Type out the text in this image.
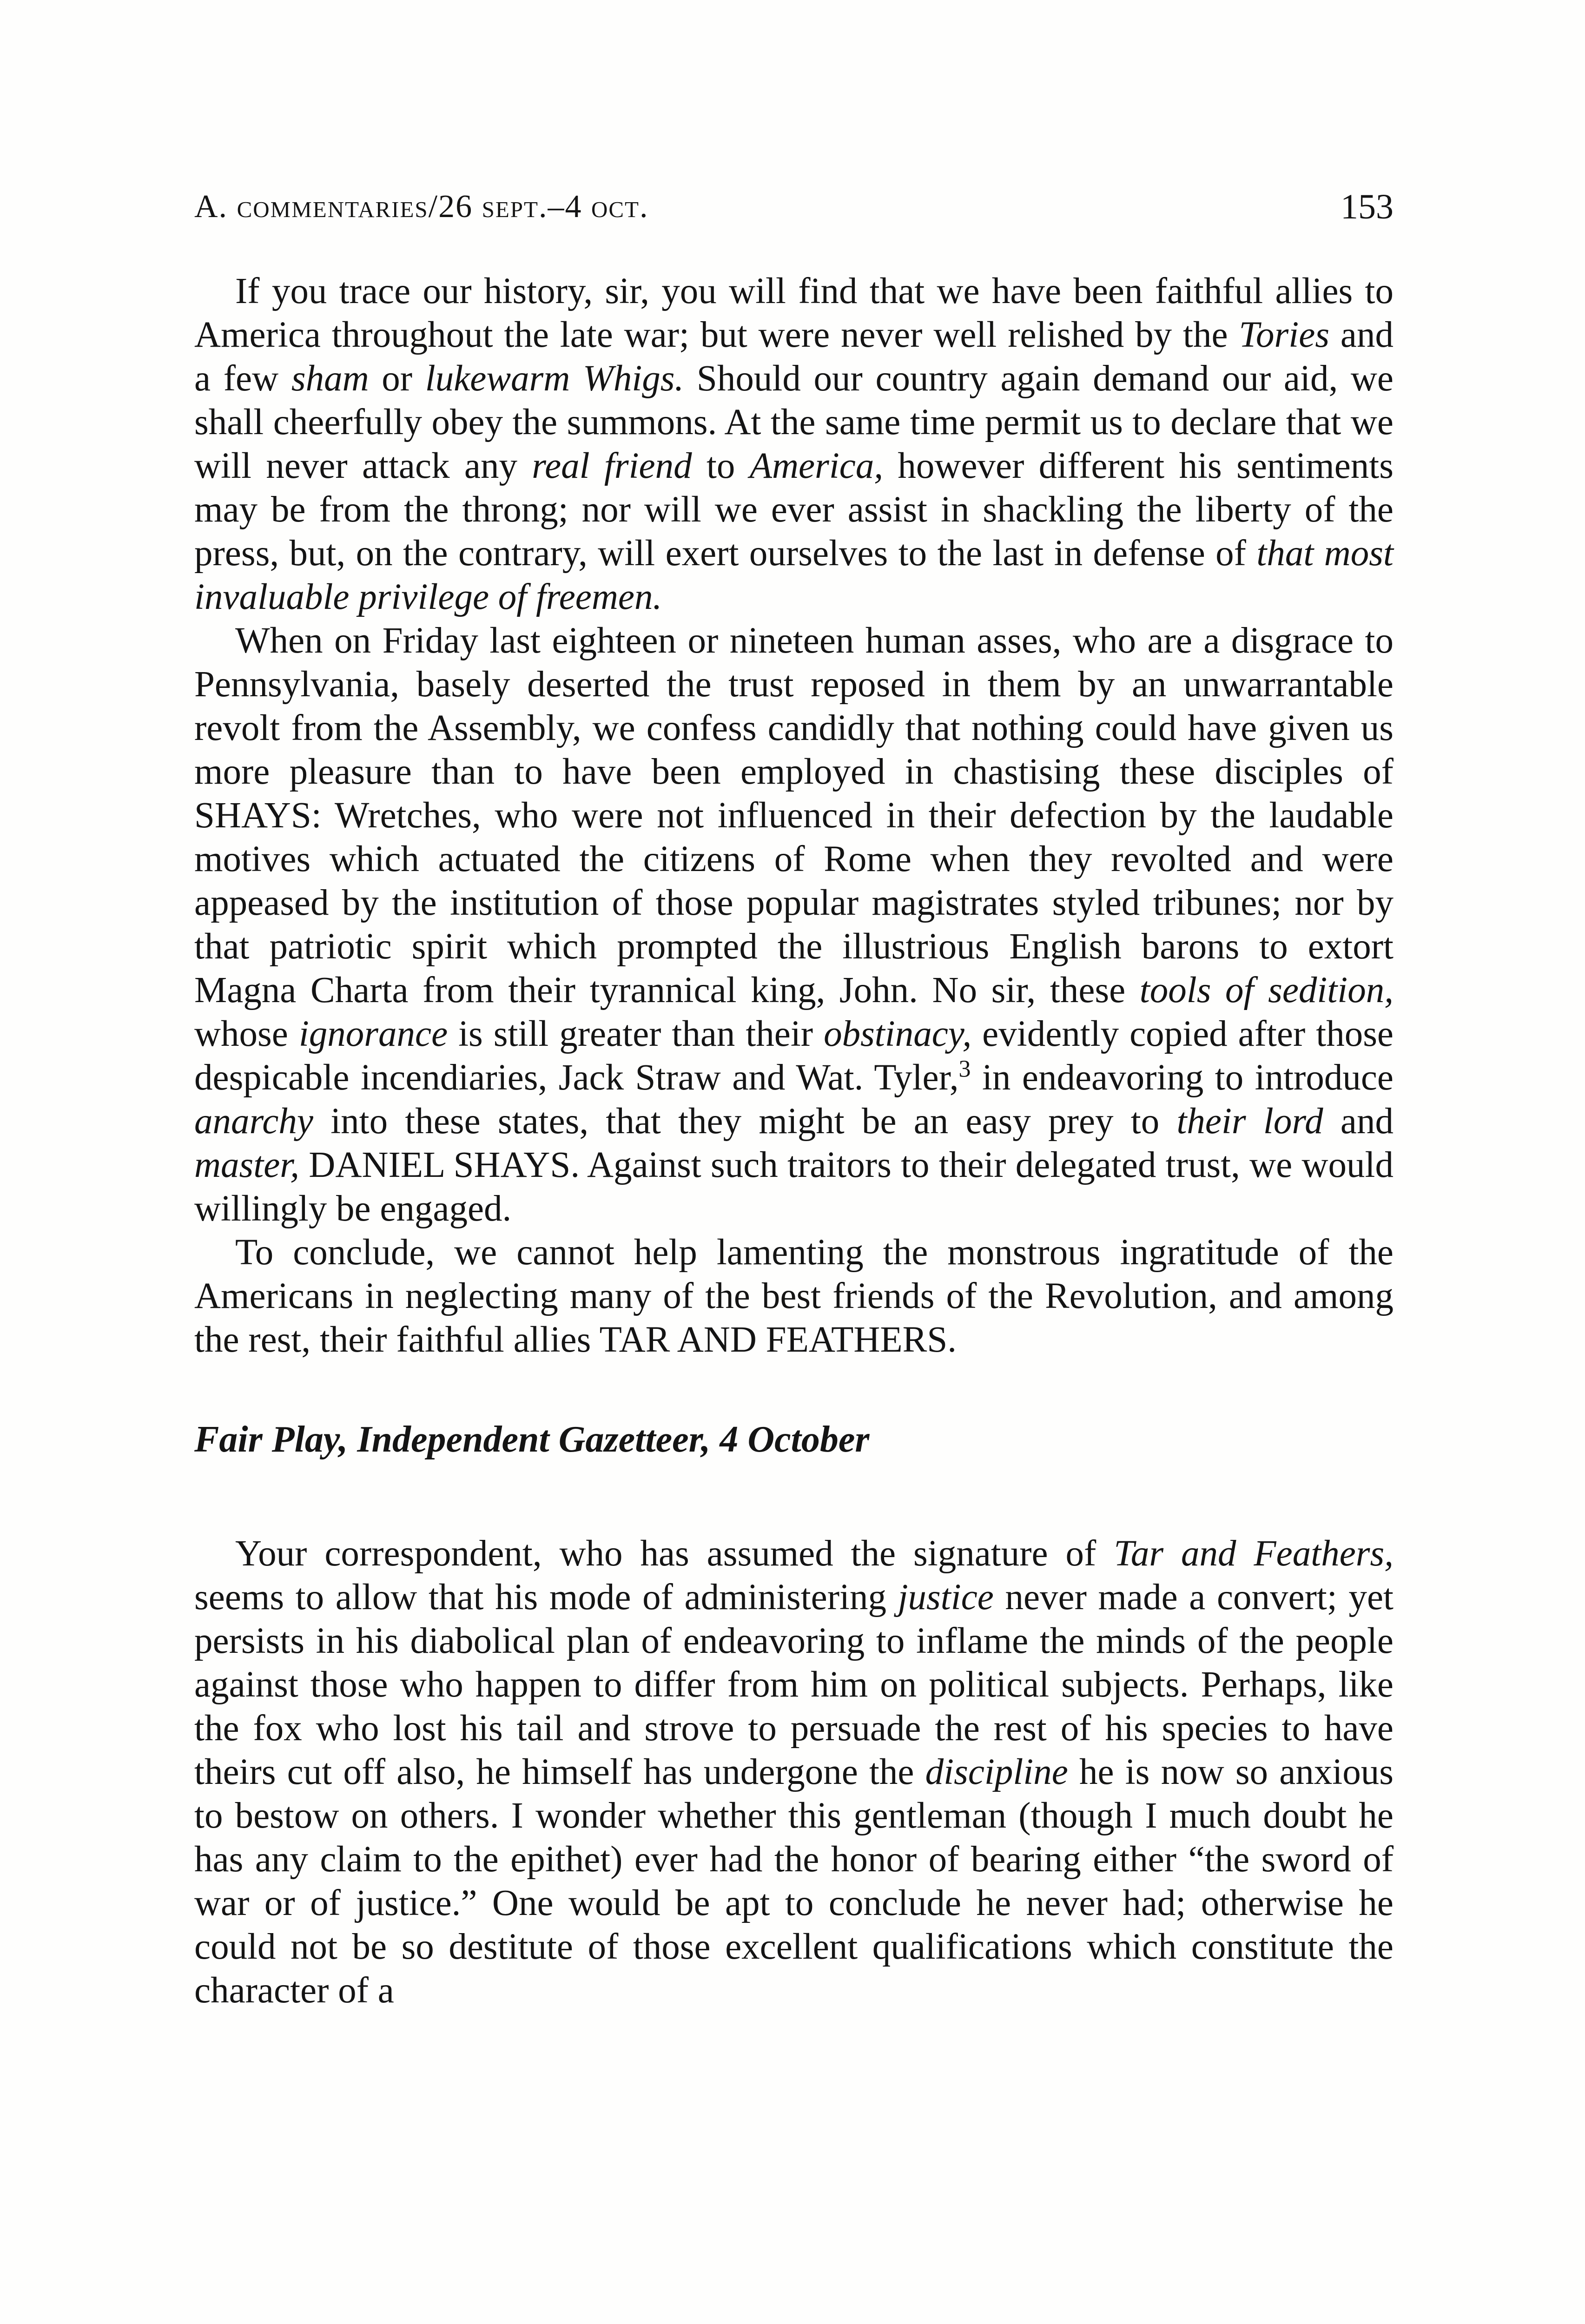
A. commentaries/26 sept.–4 oct.	153

If you trace our history, sir, you will find that we have been faithful allies to America throughout the late war; but were never well relished by the Tories and a few sham or lukewarm Whigs. Should our country again demand our aid, we shall cheerfully obey the summons. At the same time permit us to declare that we will never attack any real friend to America, however different his sentiments may be from the throng; nor will we ever assist in shackling the liberty of the press, but, on the contrary, will exert ourselves to the last in defense of that most invaluable privilege of freemen.

When on Friday last eighteen or nineteen human asses, who are a disgrace to Pennsylvania, basely deserted the trust reposed in them by an unwarrantable revolt from the Assembly, we confess candidly that nothing could have given us more pleasure than to have been employed in chastising these disciples of SHAYS: Wretches, who were not influenced in their defection by the laudable motives which actuated the citizens of Rome when they revolted and were appeased by the institution of those popular magistrates styled tribunes; nor by that patriotic spirit which prompted the illustrious English barons to extort Magna Charta from their tyrannical king, John. No sir, these tools of sedition, whose ignorance is still greater than their obstinacy, evidently copied after those despicable incendiaries, Jack Straw and Wat. Tyler,$^3$ in endeavoring to introduce anarchy into these states, that they might be an easy prey to their lord and master, DANIEL SHAYS. Against such traitors to their delegated trust, we would willingly be engaged.

To conclude, we cannot help lamenting the monstrous ingratitude of the Americans in neglecting many of the best friends of the Revolution, and among the rest, their faithful allies TAR AND FEATHERS.

Fair Play, Independent Gazetteer, 4 October

Your correspondent, who has assumed the signature of Tar and Feathers, seems to allow that his mode of administering justice never made a convert; yet persists in his diabolical plan of endeavoring to inflame the minds of the people against those who happen to differ from him on political subjects. Perhaps, like the fox who lost his tail and strove to persuade the rest of his species to have theirs cut off also, he himself has undergone the discipline he is now so anxious to bestow on others. I wonder whether this gentleman (though I much doubt he has any claim to the epithet) ever had the honor of bearing either “the sword of war or of justice.” One would be apt to conclude he never had; otherwise he could not be so destitute of those excellent qualifications which constitute the character of a
